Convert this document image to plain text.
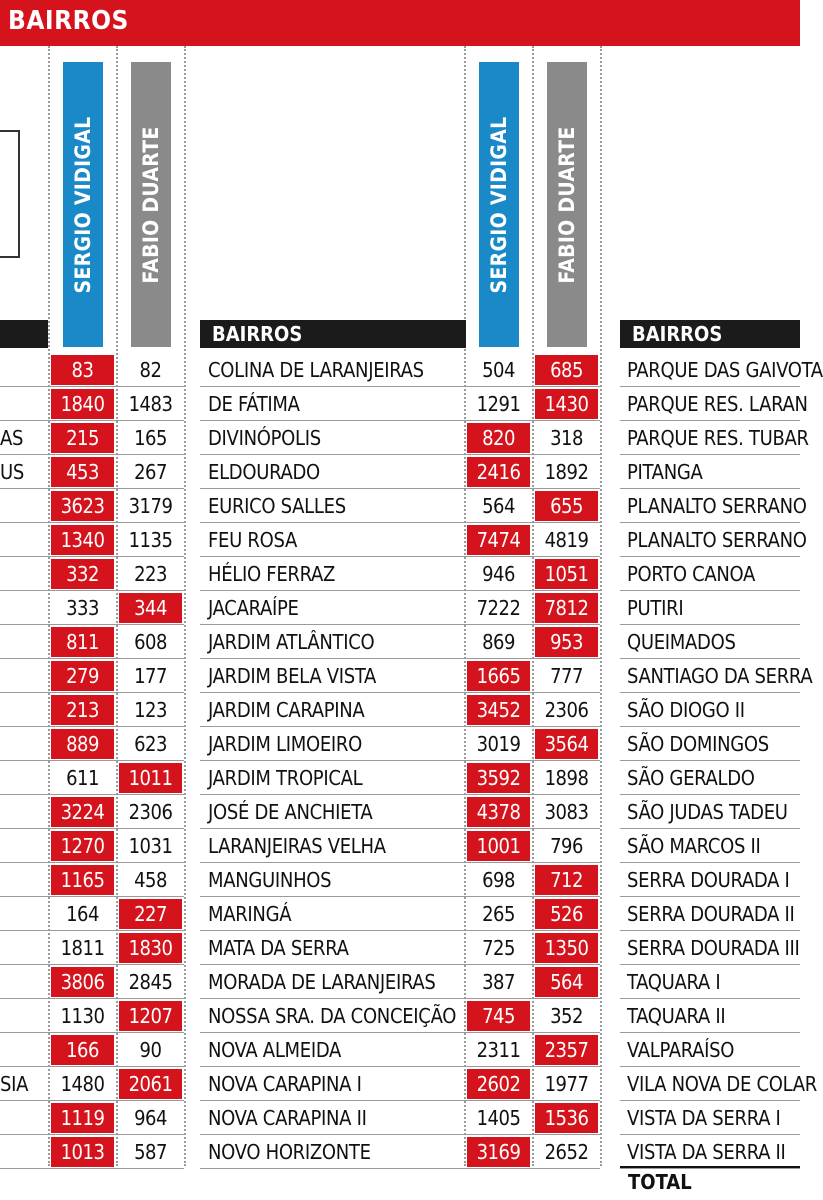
BAIRROS
SERGIO VIDIGAL FABIO DUARTE	SERGIO VIDIGAL FABIO DUARTE
BAIRROS	BAIRROS
83	82
1840	1483
AS	215	165
US	453	267
3623	3179
1340	1135
332	223
333	344
811	608
279	177
213	123
889	623
611	1011
3224	2306
1270	1031
1165	458
164	227
1811	1830
3806	2845
1130	1207
166	90
SIA	1480	2061
1119	964
1013	587
COLINA DE LARANJEIRAS	504	685
DE FÁTIMA	1291	1430
DIVINÓPOLIS	820	318
ELDOURADO	2416	1892
EURICO SALLES	564	655
FEU ROSA	7474	4819
HÉLIO FERRAZ	946	1051
JACARAÍPE	7222	7812
JARDIM ATLÂNTICO	869	953
JARDIM BELA VISTA	1665	777
JARDIM CARAPINA	3452	2306
JARDIM LIMOEIRO	3019	3564
JARDIM TROPICAL	3592	1898
JOSÉ DE ANCHIETA	4378	3083
LARANJEIRAS VELHA	1001	796
MANGUINHOS	698	712
MARINGÁ	265	526
MATA DA SERRA	725	1350
MORADA DE LARANJEIRAS	387	564
NOSSA SRA. DA CONCEIÇÃO	745	352
NOVA ALMEIDA	2311	2357
NOVA CARAPINA I	2602	1977
NOVA CARAPINA II	1405	1536
NOVO HORIZONTE	3169	2652
PARQUE DAS GAIVOTA
PARQUE RES. LARAN
PARQUE RES. TUBAR
PITANGA
PLANALTO SERRANO
PLANALTO SERRANO
PORTO CANOA
PUTIRI
QUEIMADOS
SANTIAGO DA SERRA
SÃO DIOGO II
SÃO DOMINGOS
SÃO GERALDO
SÃO JUDAS TADEU
SÃO MARCOS II
SERRA DOURADA I
SERRA DOURADA II
SERRA DOURADA III
TAQUARA I
TAQUARA II
VALPARAÍSO
VILA NOVA DE COLAR
VISTA DA SERRA I
VISTA DA SERRA II
TOTAL
